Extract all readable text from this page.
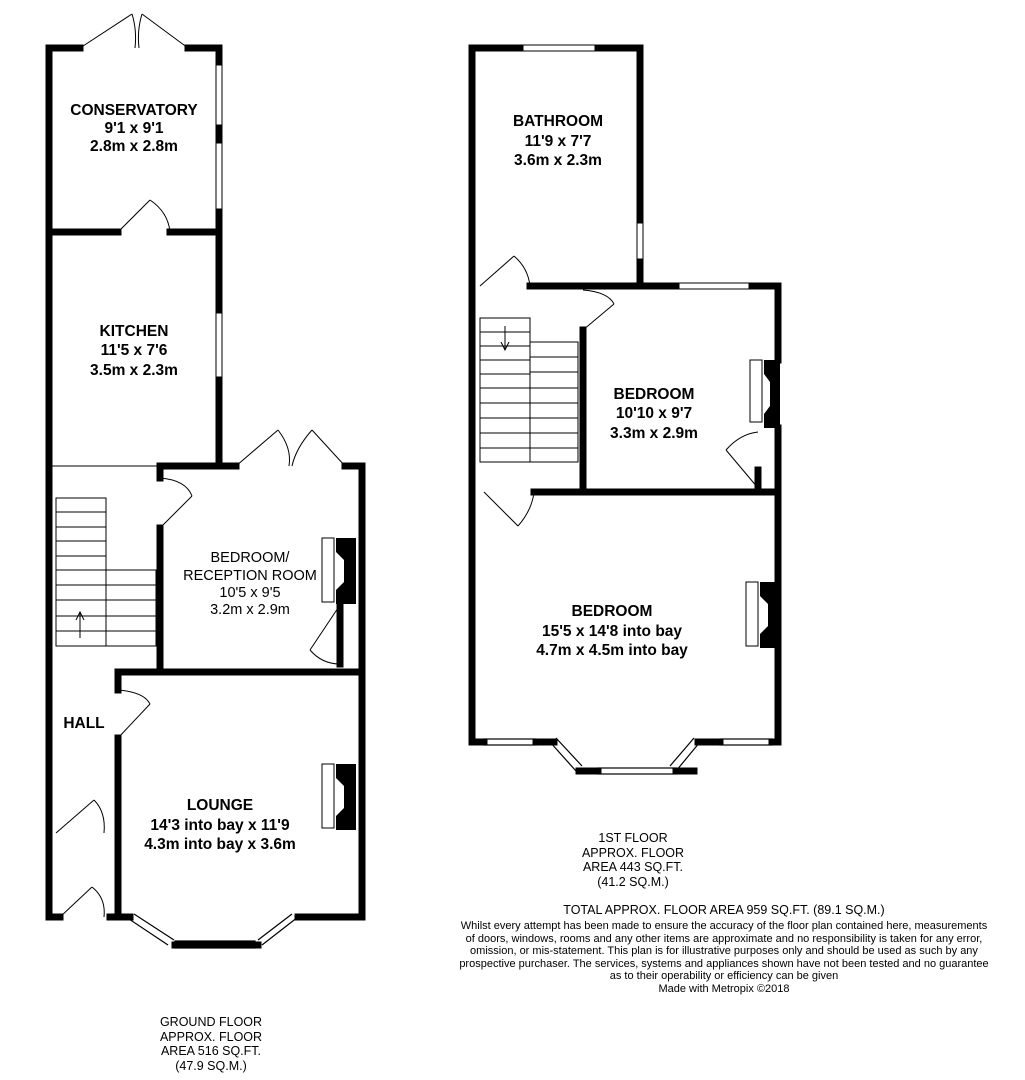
CONSERVATORY
9'1 x 9'1
2.8m x 2.8m
KITCHEN
11'5 x 7'6
3.5m x 2.3m
BEDROOM/
RECEPTION ROOM
10'5 x 9'5
3.2m x 2.9m
HALL
LOUNGE
14'3 into bay x 11'9
4.3m into bay x 3.6m
BATHROOM
11'9 x 7'7
3.6m x 2.3m
BEDROOM
10'10 x 9'7
3.3m x 2.9m
BEDROOM
15'5 x 14'8 into bay
4.7m x 4.5m into bay
1ST FLOOR
APPROX. FLOOR
AREA 443 SQ.FT.
(41.2 SQ.M.)
TOTAL APPROX. FLOOR AREA 959 SQ.FT. (89.1 SQ.M.)
Whilst every attempt has been made to ensure the accuracy of the floor plan contained here, measurements
of doors, windows, rooms and any other items are approximate and no responsibility is taken for any error,
omission, or mis-statement. This plan is for illustrative purposes only and should be used as such by any
prospective purchaser. The services, systems and appliances shown have not been tested and no guarantee
as to their operability or efficiency can be given
Made with Metropix ©2018
GROUND FLOOR
APPROX. FLOOR
AREA 516 SQ.FT.
(47.9 SQ.M.)
